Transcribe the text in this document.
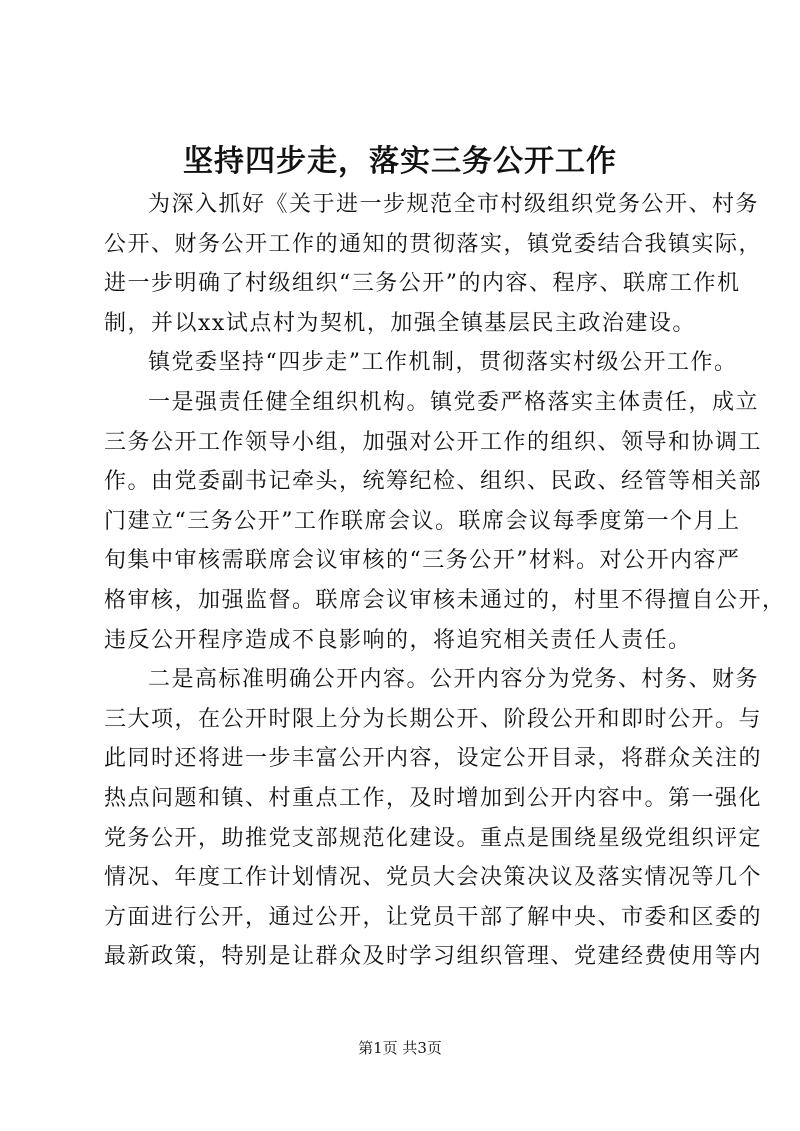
坚持四步走，落实三务公开工作
为深入抓好《关于进一步规范全市村级组织党务公开、村务
公开、财务公开工作的通知的贯彻落实，镇党委结合我镇实际，
进一步明确了村级组织“三务公开”的内容、程序、联席工作机
制，并以xx试点村为契机，加强全镇基层民主政治建设。
镇党委坚持“四步走”工作机制，贯彻落实村级公开工作。
一是强责任健全组织机构。镇党委严格落实主体责任，成立
三务公开工作领导小组，加强对公开工作的组织、领导和协调工
作。由党委副书记牵头，统筹纪检、组织、民政、经管等相关部
门建立“三务公开”工作联席会议。联席会议每季度第一个月上
旬集中审核需联席会议审核的“三务公开”材料。对公开内容严
格审核，加强监督。联席会议审核未通过的，村里不得擅自公开，
违反公开程序造成不良影响的，将追究相关责任人责任。
二是高标准明确公开内容。公开内容分为党务、村务、财务
三大项，在公开时限上分为长期公开、阶段公开和即时公开。与
此同时还将进一步丰富公开内容，设定公开目录，将群众关注的
热点问题和镇、村重点工作，及时增加到公开内容中。第一强化
党务公开，助推党支部规范化建设。重点是围绕星级党组织评定
情况、年度工作计划情况、党员大会决策决议及落实情况等几个
方面进行公开，通过公开，让党员干部了解中央、市委和区委的
最新政策，特别是让群众及时学习组织管理、党建经费使用等内
第1页 共3页
